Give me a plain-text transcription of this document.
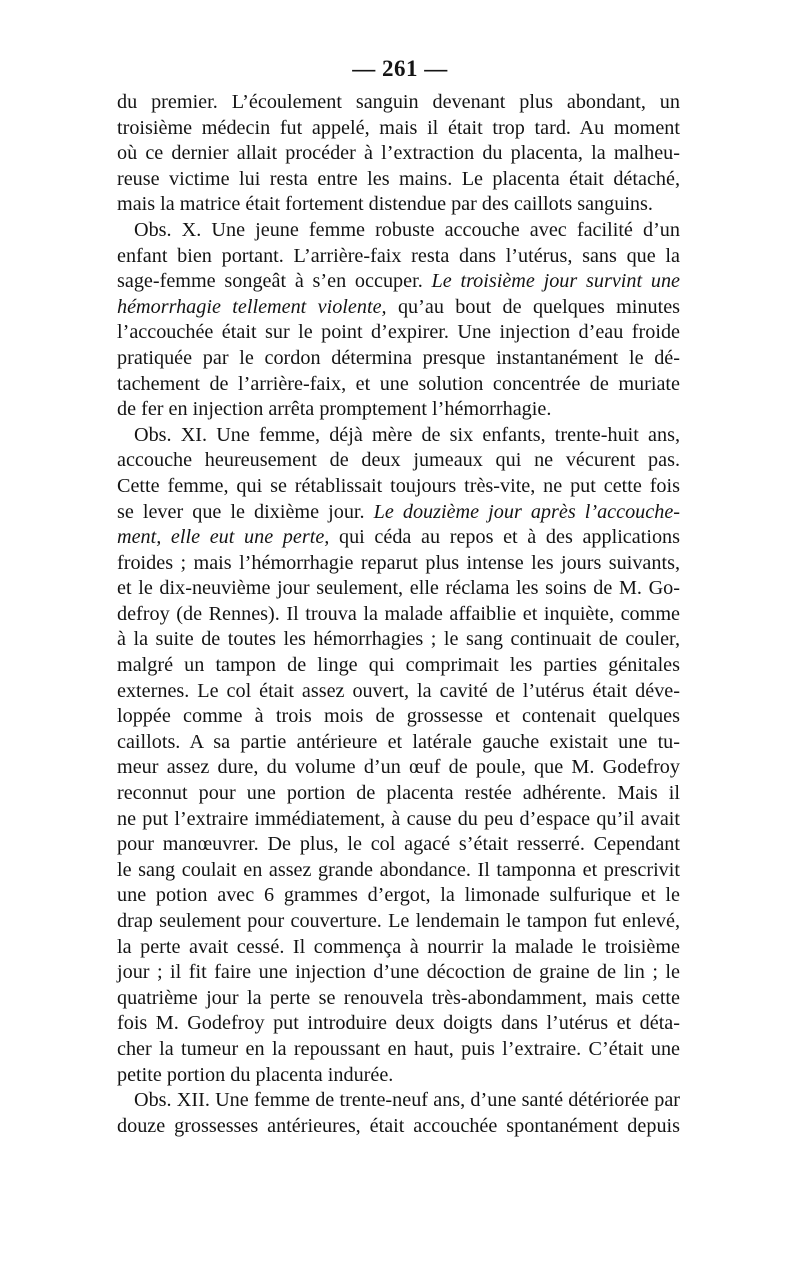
— 261 —
du premier. L’écoulement sanguin devenant plus abondant, un
troisième médecin fut appelé, mais il était trop tard. Au moment
où ce dernier allait procéder à l’extraction du placenta, la malheu-
reuse victime lui resta entre les mains. Le placenta était détaché,
mais la matrice était fortement distendue par des caillots sanguins.
Obs. X. Une jeune femme robuste accouche avec facilité d’un
enfant bien portant. L’arrière-faix resta dans l’utérus, sans que la
sage-femme songeât à s’en occuper. Le troisième jour survint une
hémorrhagie tellement violente, qu’au bout de quelques minutes
l’accouchée était sur le point d’expirer. Une injection d’eau froide
pratiquée par le cordon détermina presque instantanément le dé-
tachement de l’arrière-faix, et une solution concentrée de muriate
de fer en injection arrêta promptement l’hémorrhagie.
Obs. XI. Une femme, déjà mère de six enfants, trente-huit ans,
accouche heureusement de deux jumeaux qui ne vécurent pas.
Cette femme, qui se rétablissait toujours très-vite, ne put cette fois
se lever que le dixième jour. Le douzième jour après l’accouche-
ment, elle eut une perte, qui céda au repos et à des applications
froides ; mais l’hémorrhagie reparut plus intense les jours suivants,
et le dix-neuvième jour seulement, elle réclama les soins de M. Go-
defroy (de Rennes). Il trouva la malade affaiblie et inquiète, comme
à la suite de toutes les hémorrhagies ; le sang continuait de couler,
malgré un tampon de linge qui comprimait les parties génitales
externes. Le col était assez ouvert, la cavité de l’utérus était déve-
loppée comme à trois mois de grossesse et contenait quelques
caillots. A sa partie antérieure et latérale gauche existait une tu-
meur assez dure, du volume d’un œuf de poule, que M. Godefroy
reconnut pour une portion de placenta restée adhérente. Mais il
ne put l’extraire immédiatement, à cause du peu d’espace qu’il avait
pour manœuvrer. De plus, le col agacé s’était resserré. Cependant
le sang coulait en assez grande abondance. Il tamponna et prescrivit
une potion avec 6 grammes d’ergot, la limonade sulfurique et le
drap seulement pour couverture. Le lendemain le tampon fut enlevé,
la perte avait cessé. Il commença à nourrir la malade le troisième
jour ; il fit faire une injection d’une décoction de graine de lin ; le
quatrième jour la perte se renouvela très-abondamment, mais cette
fois M. Godefroy put introduire deux doigts dans l’utérus et déta-
cher la tumeur en la repoussant en haut, puis l’extraire. C’était une
petite portion du placenta indurée.
Obs. XII. Une femme de trente-neuf ans, d’une santé détériorée par
douze grossesses antérieures, était accouchée spontanément depuis
